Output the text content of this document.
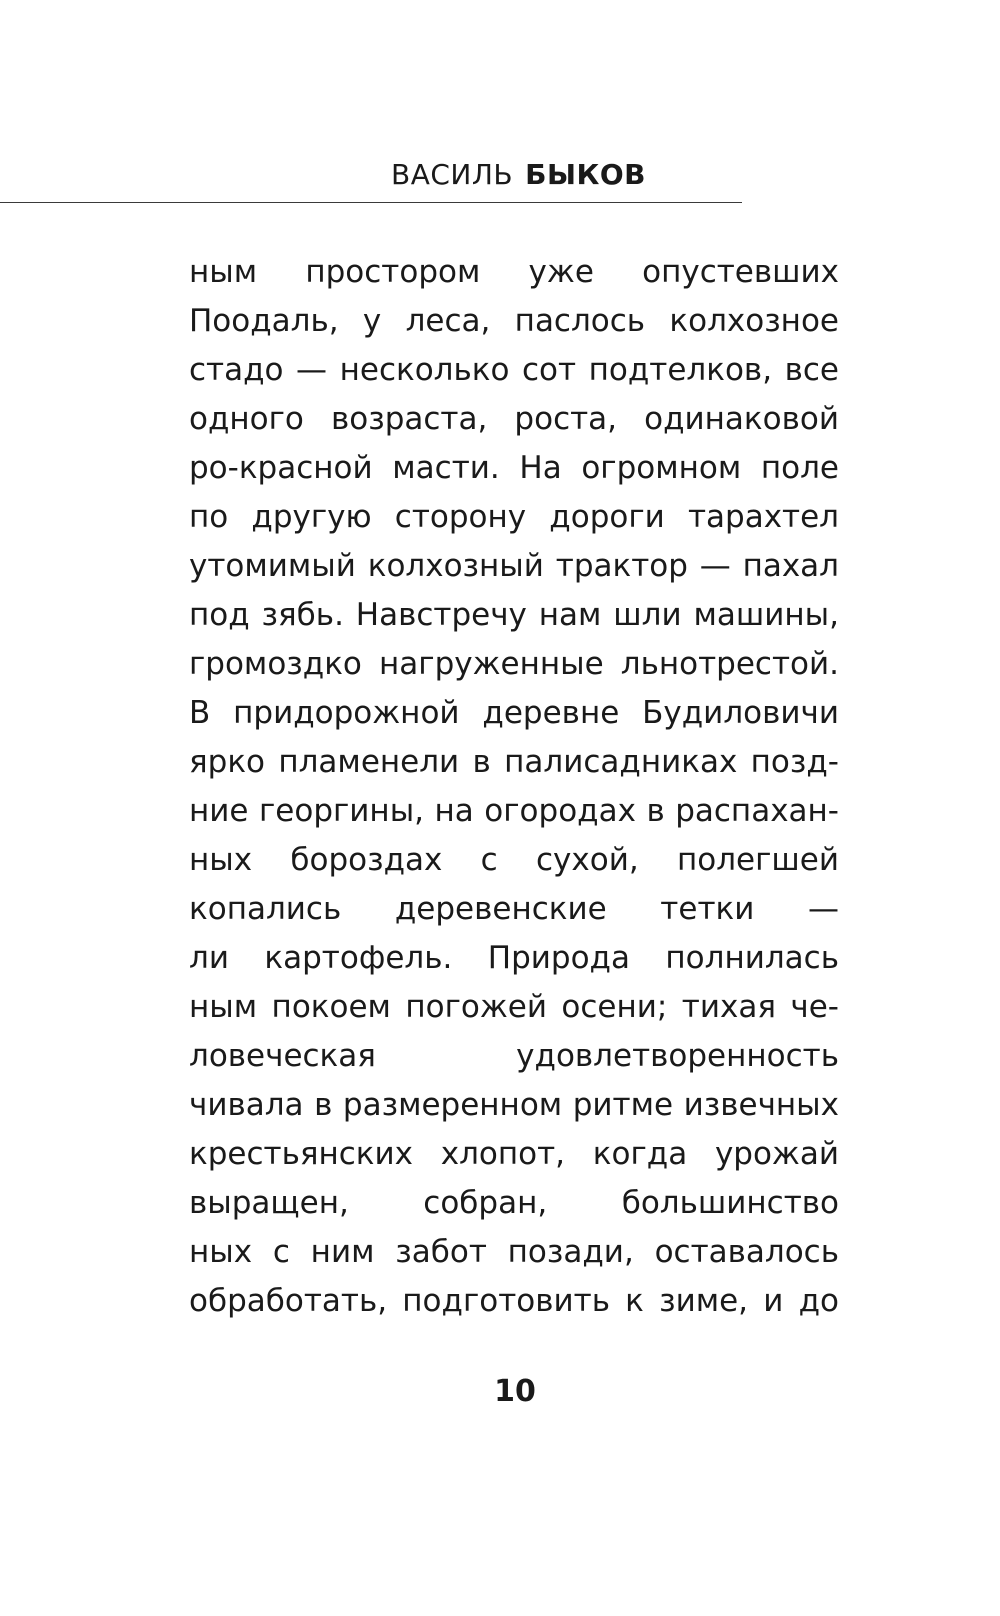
ВАСИЛЬ БЫКОВ
ным простором уже опустевших
Поодаль, у леса, паслось колхозное
стадо — несколько сот подтелков, все
одного возраста, роста, одинаковой
ро-красной масти. На огромном поле
по другую сторону дороги тарахтел
утомимый колхозный трактор — пахал
под зябь. Навстречу нам шли машины,
громоздко нагруженные льнотрестой.
В придорожной деревне Будиловичи
ярко пламенели в палисадниках позд-
ние георгины, на огородах в распахан-
ных бороздах с сухой, полегшей
копались деревенские тетки —
ли картофель. Природа полнилась
ным покоем погожей осени; тихая че-
ловеческая удовлетворенность
чивала в размеренном ритме извечных
крестьянских хлопот, когда урожай
выращен, собран, большинство
ных с ним забот позади, оставалось
обработать, подготовить к зиме, и до
10
